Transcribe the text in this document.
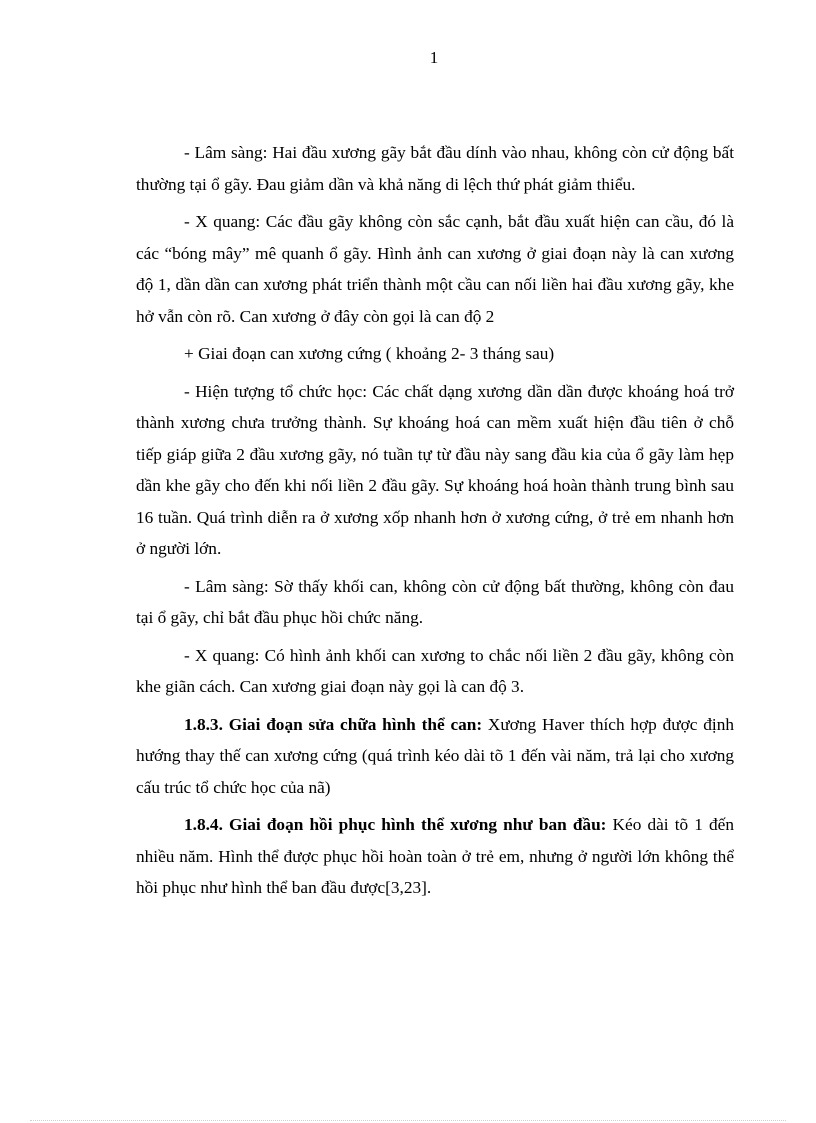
1

- Lâm sàng: Hai đầu xương gãy bắt đầu dính vào nhau, không còn cử động bất thường tại ổ gãy. Đau giảm dần và khả năng di lệch thứ phát giảm thiểu.

- X quang: Các đầu gãy không còn sắc cạnh, bắt đầu xuất hiện can cầu, đó là các “bóng mây” mê quanh ổ gãy. Hình ảnh can xương ở giai đoạn này là can xương độ 1, dần dần can xương phát triển thành một cầu can nối liền hai đầu xương gãy, khe hở vẫn còn rõ. Can xương ở đây còn gọi là can độ 2

+ Giai đoạn can xương cứng ( khoảng 2- 3 tháng sau)

- Hiện tượng tổ chức học: Các chất dạng xương dần dần được khoáng hoá trở thành xương chưa trưởng thành. Sự khoáng hoá can mềm xuất hiện đầu tiên ở chỗ tiếp giáp giữa 2 đầu xương gãy, nó tuần tự từ đầu này sang đầu kia của ổ gãy làm hẹp dần khe gãy cho đến khi nối liền 2 đầu gãy. Sự khoáng hoá hoàn thành trung bình sau 16 tuần. Quá trình diễn ra ở xương xốp nhanh hơn ở xương cứng, ở trẻ em nhanh hơn ở người lớn.

- Lâm sàng: Sờ thấy khối can, không còn cử động bất thường, không còn đau tại ổ gãy, chỉ bắt đầu phục hồi chức năng.

- X quang: Có hình ảnh khối can xương to chắc nối liền 2 đầu gãy, không còn khe giãn cách. Can xương giai đoạn này gọi là can độ 3.

1.8.3. Giai đoạn sửa chữa hình thể can: Xương Haver thích hợp được định hướng thay thế can xương cứng (quá trình kéo dài tõ 1 đến vài năm, trả lại cho xương cấu trúc tổ chức học của nã)

1.8.4. Giai đoạn hồi phục hình thể xương như ban đầu: Kéo dài tõ 1 đến nhiều năm. Hình thể được phục hồi hoàn toàn ở trẻ em, nhưng ở người lớn không thể hồi phục như hình thể ban đầu được[3,23].
